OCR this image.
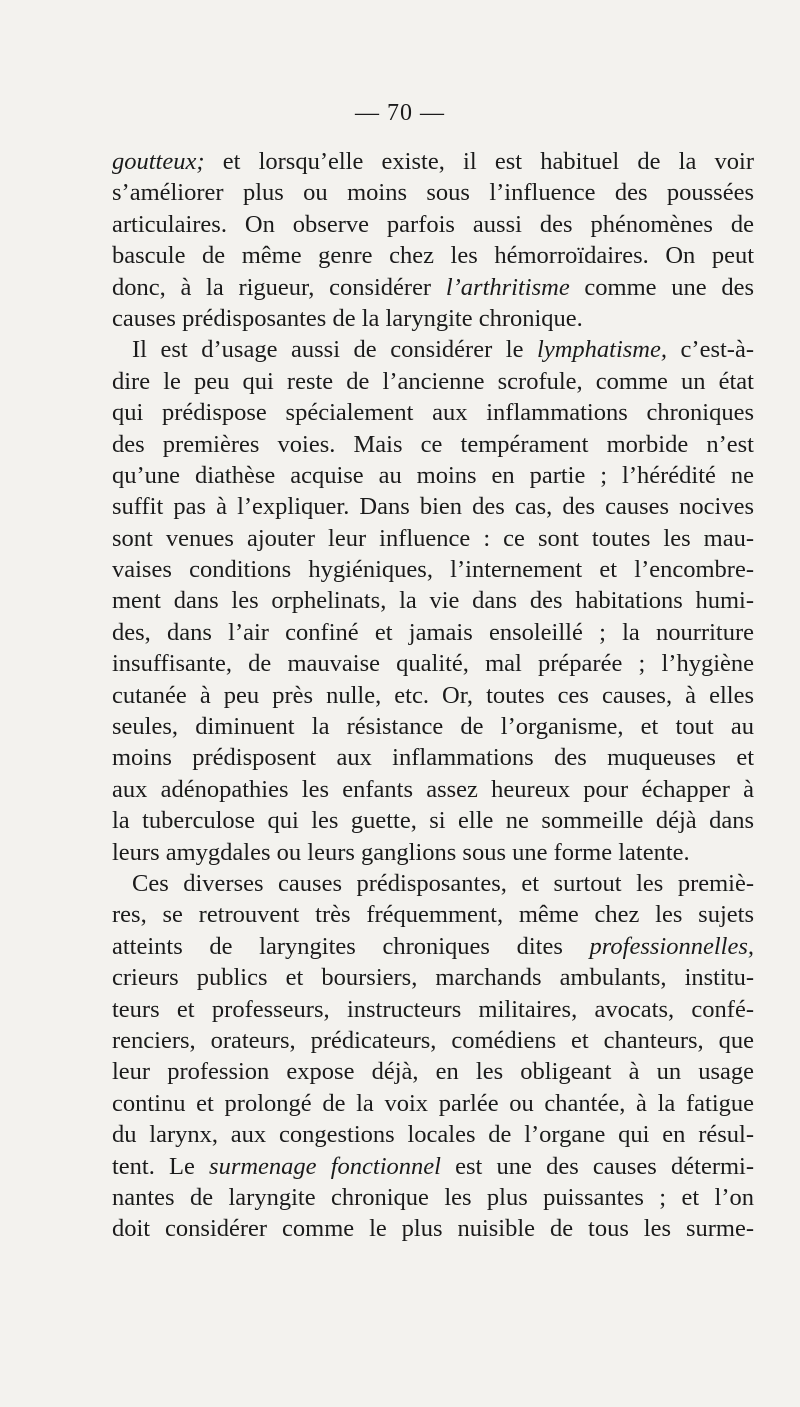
— 70 —
goutteux; et lorsqu’elle existe, il est habituel de la voir
s’améliorer plus ou moins sous l’influence des poussées
articulaires. On observe parfois aussi des phénomènes de
bascule de même genre chez les hémorroïdaires. On peut
donc, à la rigueur, considérer l’arthritisme comme une des
causes prédisposantes de la laryngite chronique.
Il est d’usage aussi de considérer le lymphatisme, c’est-à-
dire le peu qui reste de l’ancienne scrofule, comme un état
qui prédispose spécialement aux inflammations chroniques
des premières voies. Mais ce tempérament morbide n’est
qu’une diathèse acquise au moins en partie ; l’hérédité ne
suffit pas à l’expliquer. Dans bien des cas, des causes nocives
sont venues ajouter leur influence : ce sont toutes les mau-
vaises conditions hygiéniques, l’internement et l’encombre-
ment dans les orphelinats, la vie dans des habitations humi-
des, dans l’air confiné et jamais ensoleillé ; la nourriture
insuffisante, de mauvaise qualité, mal préparée ; l’hygiène
cutanée à peu près nulle, etc. Or, toutes ces causes, à elles
seules, diminuent la résistance de l’organisme, et tout au
moins prédisposent aux inflammations des muqueuses et
aux adénopathies les enfants assez heureux pour échapper à
la tuberculose qui les guette, si elle ne sommeille déjà dans
leurs amygdales ou leurs ganglions sous une forme latente.
Ces diverses causes prédisposantes, et surtout les premiè-
res, se retrouvent très fréquemment, même chez les sujets
atteints de laryngites chroniques dites professionnelles,
crieurs publics et boursiers, marchands ambulants, institu-
teurs et professeurs, instructeurs militaires, avocats, confé-
renciers, orateurs, prédicateurs, comédiens et chanteurs, que
leur profession expose déjà, en les obligeant à un usage
continu et prolongé de la voix parlée ou chantée, à la fatigue
du larynx, aux congestions locales de l’organe qui en résul-
tent. Le surmenage fonctionnel est une des causes détermi-
nantes de laryngite chronique les plus puissantes ; et l’on
doit considérer comme le plus nuisible de tous les surme-
